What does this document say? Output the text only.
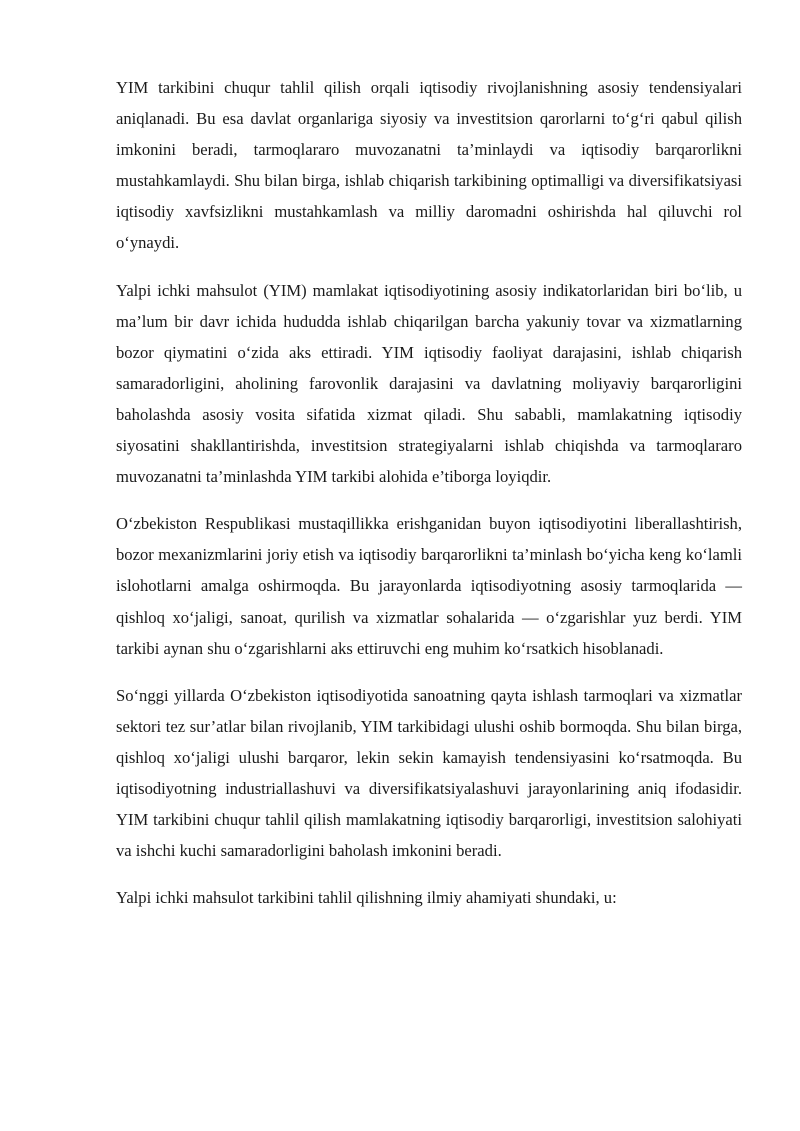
YIM tarkibini chuqur tahlil qilish orqali iqtisodiy rivojlanishning asosiy tendensiyalari aniqlanadi. Bu esa davlat organlariga siyosiy va investitsion qarorlarni to‘g‘ri qabul qilish imkonini beradi, tarmoqlararo muvozanatni ta’minlaydi va iqtisodiy barqarorlikni mustahkamlaydi. Shu bilan birga, ishlab chiqarish tarkibining optimalligi va diversifikatsiyasi iqtisodiy xavfsizlikni mustahkamlash va milliy daromadni oshirishda hal qiluvchi rol o‘ynaydi.

Yalpi ichki mahsulot (YIM) mamlakat iqtisodiyotining asosiy indikatorlaridan biri bo‘lib, u ma’lum bir davr ichida hududda ishlab chiqarilgan barcha yakuniy tovar va xizmatlarning bozor qiymatini o‘zida aks ettiradi. YIM iqtisodiy faoliyat darajasini, ishlab chiqarish samaradorligini, aholining farovonlik darajasini va davlatning moliyaviy barqarorligini baholashda asosiy vosita sifatida xizmat qiladi. Shu sababli, mamlakatning iqtisodiy siyosatini shakllantirishda, investitsion strategiyalarni ishlab chiqishda va tarmoqlararo muvozanatni ta’minlashda YIM tarkibi alohida e’tiborga loyiqdir.

O‘zbekiston Respublikasi mustaqillikka erishganidan buyon iqtisodiyotini liberallashtirish, bozor mexanizmlarini joriy etish va iqtisodiy barqarorlikni ta’minlash bo‘yicha keng ko‘lamli islohotlarni amalga oshirmoqda. Bu jarayonlarda iqtisodiyotning asosiy tarmoqlarida — qishloq xo‘jaligi, sanoat, qurilish va xizmatlar sohalarida — o‘zgarishlar yuz berdi. YIM tarkibi aynan shu o‘zgarishlarni aks ettiruvchi eng muhim ko‘rsatkich hisoblanadi.

So‘nggi yillarda O‘zbekiston iqtisodiyotida sanoatning qayta ishlash tarmoqlari va xizmatlar sektori tez sur’atlar bilan rivojlanib, YIM tarkibidagi ulushi oshib bormoqda. Shu bilan birga, qishloq xo‘jaligi ulushi barqaror, lekin sekin kamayish tendensiyasini ko‘rsatmoqda. Bu iqtisodiyotning industriallashuvi va diversifikatsiyalashuvi jarayonlarining aniq ifodasidir. YIM tarkibini chuqur tahlil qilish mamlakatning iqtisodiy barqarorligi, investitsion salohiyati va ishchi kuchi samaradorligini baholash imkonini beradi.

Yalpi ichki mahsulot tarkibini tahlil qilishning ilmiy ahamiyati shundaki, u:
